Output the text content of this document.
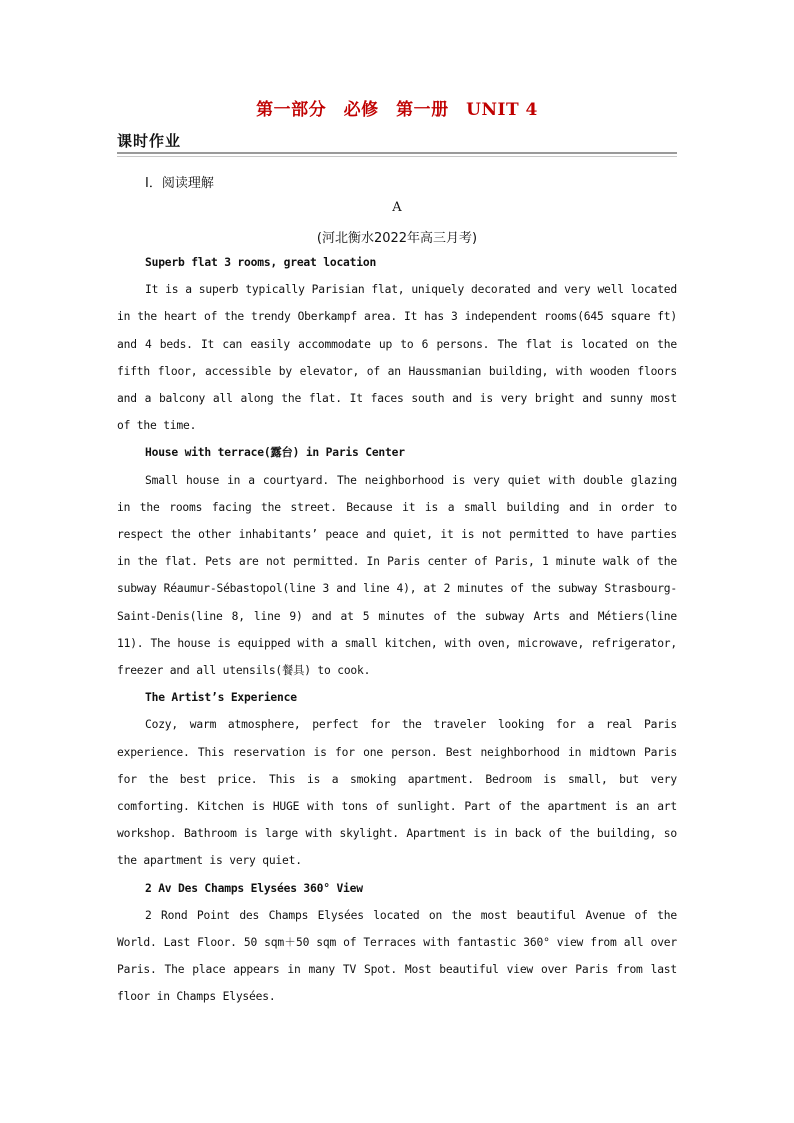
第一部分　必修　第一册　UNIT 4
课时作业
Ⅰ．阅读理解
A
(河北衡水2022年高三月考)

Superb flat 3 rooms, great location

It is a superb typically Parisian flat, uniquely decorated and very well located in the heart of the trendy Oberkampf area. It has 3 independent rooms(645 square ft) and 4 beds. It can easily accommodate up to 6 persons. The flat is located on the fifth floor, accessible by elevator, of an Haussmanian building, with wooden floors and a balcony all along the flat. It faces south and is very bright and sunny most of the time.

House with terrace(露台) in Paris Center

Small house in a courtyard. The neighborhood is very quiet with double glazing in the rooms facing the street. Because it is a small building and in order to respect the other inhabitants’ peace and quiet, it is not permitted to have parties in the flat. Pets are not permitted. In Paris center of Paris, 1 minute walk of the subway Réaumur-Sébastopol(line 3 and line 4), at 2 minutes of the subway Strasbourg-Saint-Denis(line 8, line 9) and at 5 minutes of the subway Arts and Métiers(line 11). The house is equipped with a small kitchen, with oven, microwave, refrigerator, freezer and all utensils(餐具) to cook.

The Artist’s Experience

Cozy, warm atmosphere, perfect for the traveler looking for a real Paris experience. This reservation is for one person. Best neighborhood in midtown Paris for the best price. This is a smoking apartment. Bedroom is small, but very comforting. Kitchen is HUGE with tons of sunlight. Part of the apartment is an art workshop. Bathroom is large with skylight. Apartment is in back of the building, so the apartment is very quiet.

2 Av Des Champs Elysées 360° View

2 Rond Point des Champs Elysées located on the most beautiful Avenue of the World. Last Floor. 50 sqm＋50 sqm of Terraces with fantastic 360° view from all over Paris. The place appears in many TV Spot. Most beautiful view over Paris from last floor in Champs Elysées.
